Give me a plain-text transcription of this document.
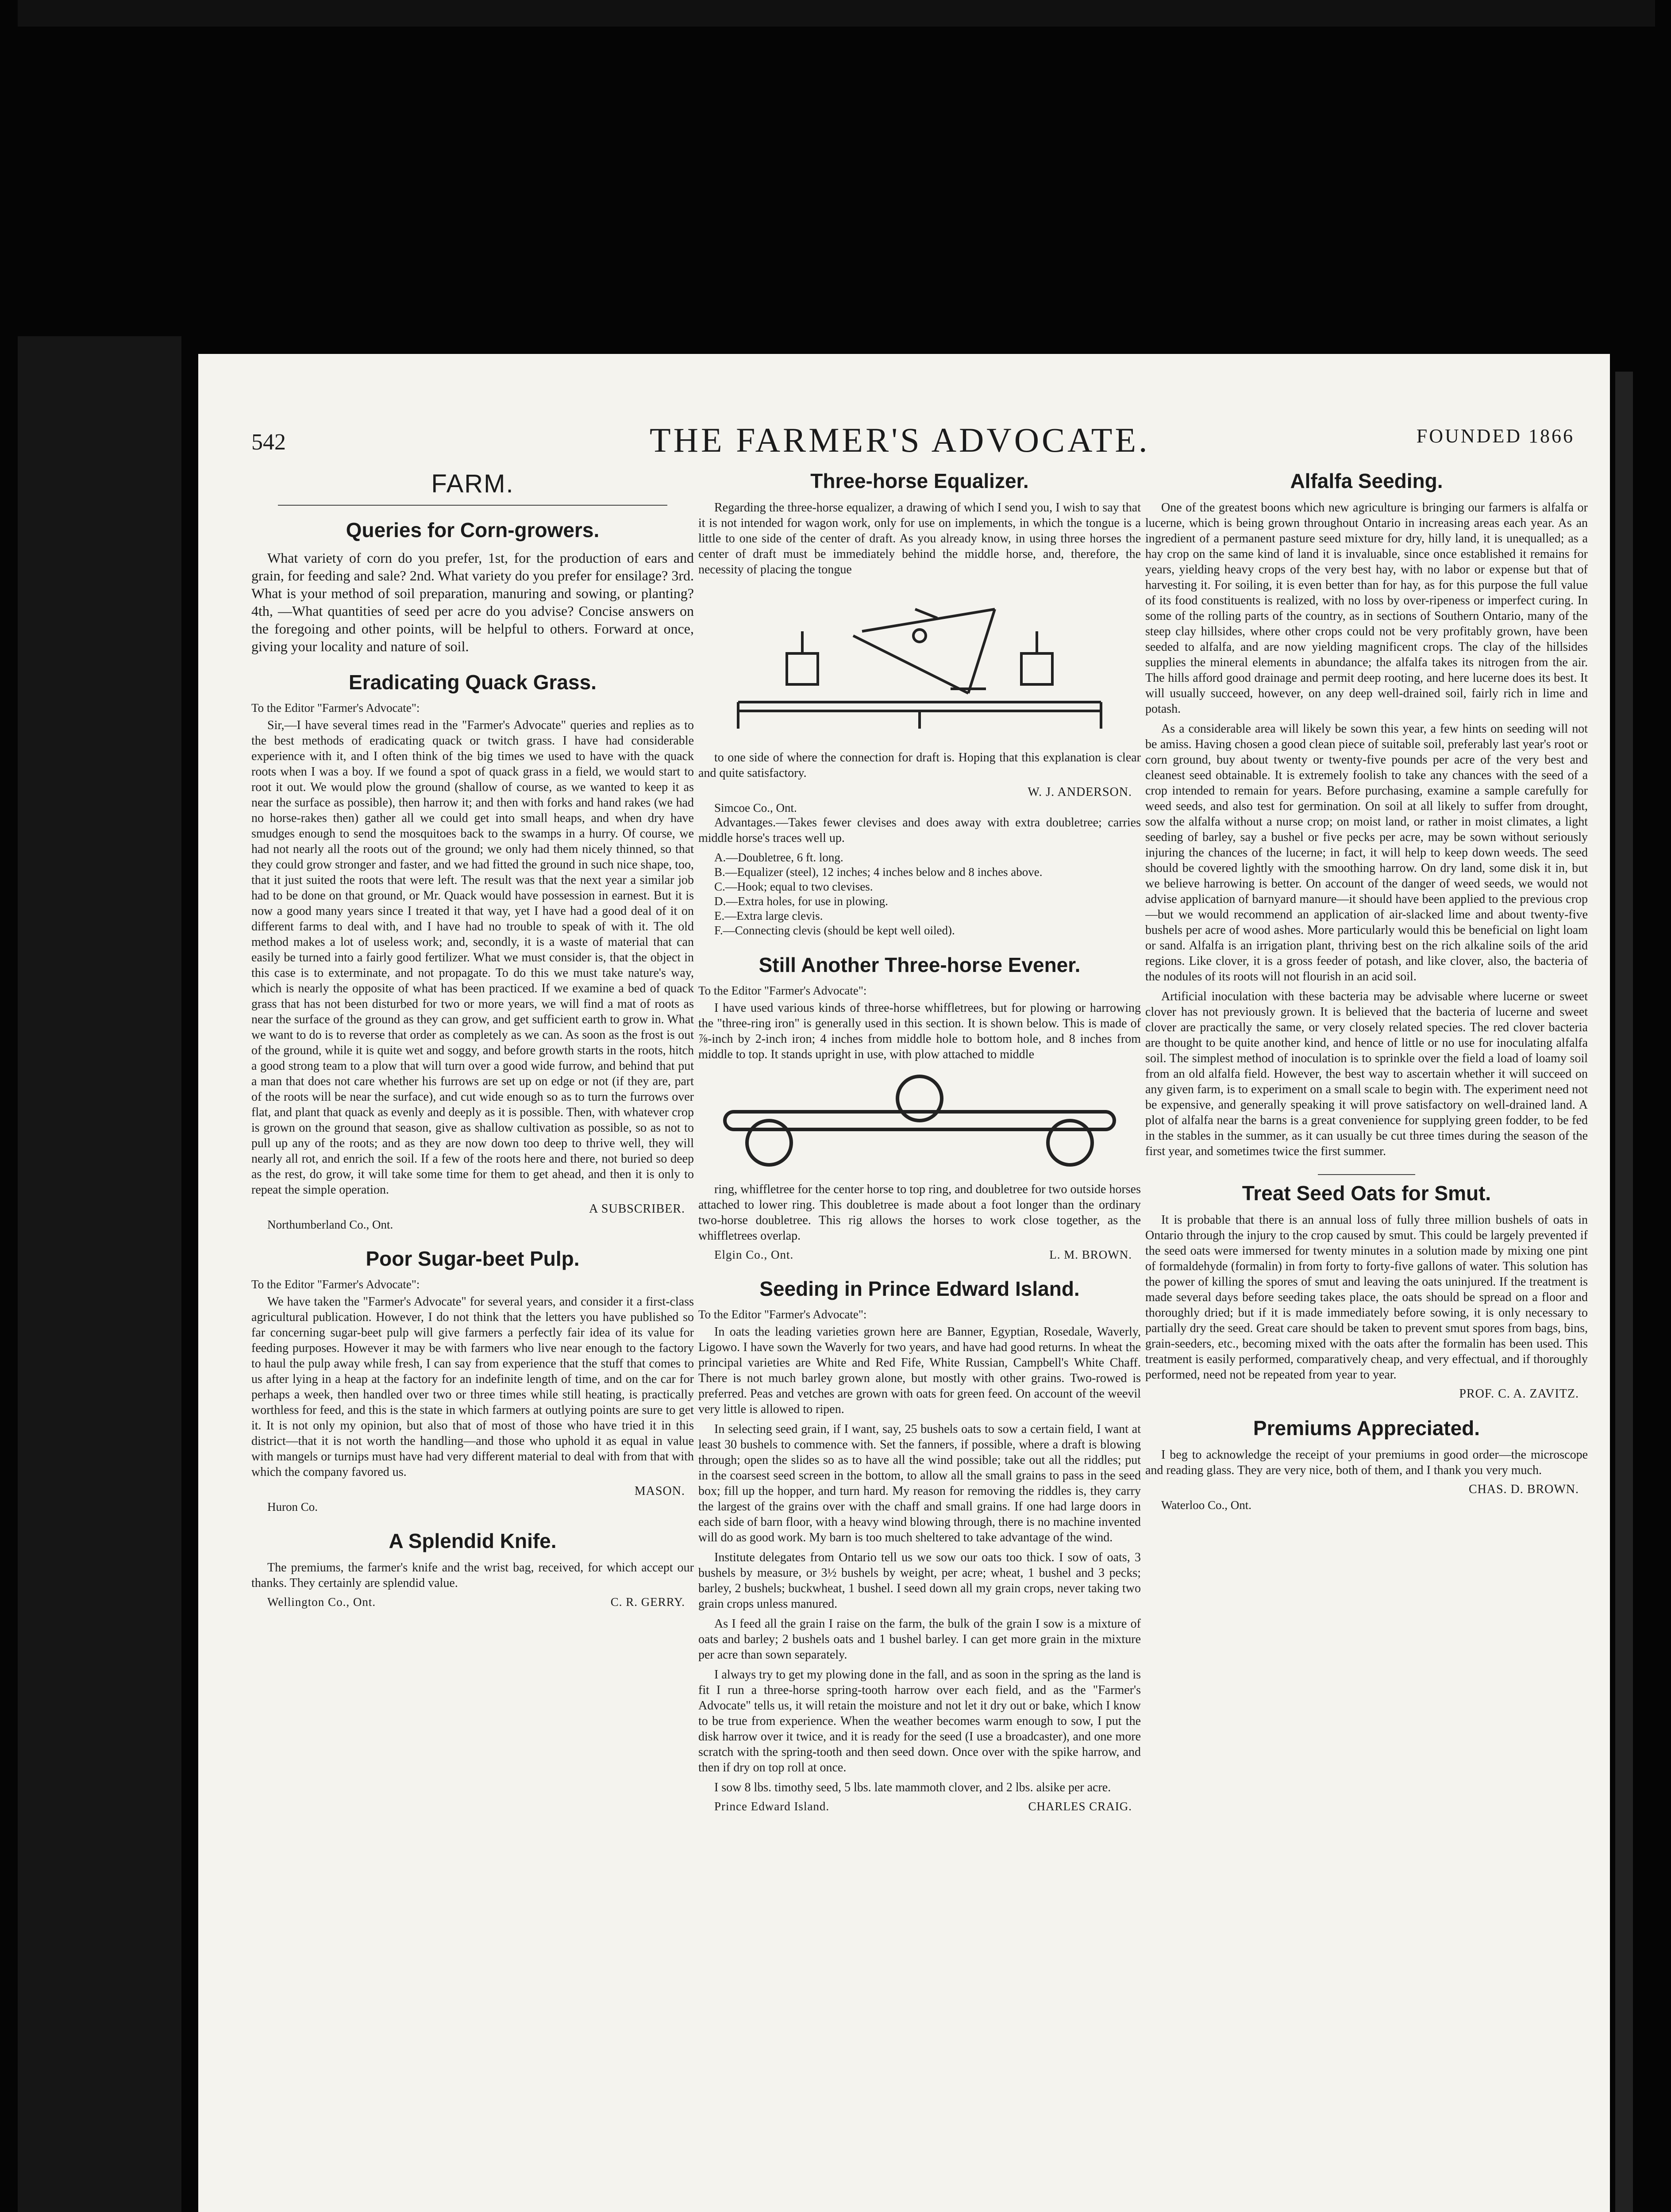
542	THE FARMER'S ADVOCATE.	FOUNDED 1866
FARM.
Queries for Corn-growers.

What variety of corn do you prefer, 1st, for the production of ears and grain, for feeding and sale? 2nd. What variety do you prefer for ensilage? 3rd. What is your method of soil preparation, manuring and sowing, or planting? 4th, —What quantities of seed per acre do you advise? Concise answers on the foregoing and other points, will be helpful to others. Forward at once, giving your locality and nature of soil.

Eradicating Quack Grass.
To the Editor "Farmer's Advocate":

Sir,—I have several times read in the "Farmer's Advocate" queries and replies as to the best methods of eradicating quack or twitch grass. I have had considerable experience with it, and I often think of the big times we used to have with the quack roots when I was a boy. If we found a spot of quack grass in a field, we would start to root it out. We would plow the ground (shallow of course, as we wanted to keep it as near the surface as possible), then harrow it; and then with forks and hand rakes (we had no horse-rakes then) gather all we could get into small heaps, and when dry have smudges enough to send the mosquitoes back to the swamps in a hurry. Of course, we had not nearly all the roots out of the ground; we only had them nicely thinned, so that they could grow stronger and faster, and we had fitted the ground in such nice shape, too, that it just suited the roots that were left. The result was that the next year a similar job had to be done on that ground, or Mr. Quack would have possession in earnest. But it is now a good many years since I treated it that way, yet I have had a good deal of it on different farms to deal with, and I have had no trouble to speak of with it. The old method makes a lot of useless work; and, secondly, it is a waste of material that can easily be turned into a fairly good fertilizer. What we must consider is, that the object in this case is to exterminate, and not propagate. To do this we must take nature's way, which is nearly the opposite of what has been practiced. If we examine a bed of quack grass that has not been disturbed for two or more years, we will find a mat of roots as near the surface of the ground as they can grow, and get sufficient earth to grow in. What we want to do is to reverse that order as completely as we can. As soon as the frost is out of the ground, while it is quite wet and soggy, and before growth starts in the roots, hitch a good strong team to a plow that will turn over a good wide furrow, and behind that put a man that does not care whether his furrows are set up on edge or not (if they are, part of the roots will be near the surface), and cut wide enough so as to turn the furrows over flat, and plant that quack as evenly and deeply as it is possible. Then, with whatever crop is grown on the ground that season, give as shallow cultivation as possible, so as not to pull up any of the roots; and as they are now down too deep to thrive well, they will nearly all rot, and enrich the soil. If a few of the roots here and there, not buried so deep as the rest, do grow, it will take some time for them to get ahead, and then it is only to repeat the simple operation.

A SUBSCRIBER.
Northumberland Co., Ont.
Poor Sugar-beet Pulp.
To the Editor "Farmer's Advocate":

We have taken the "Farmer's Advocate" for several years, and consider it a first-class agricultural publication. However, I do not think that the letters you have published so far concerning sugar-beet pulp will give farmers a perfectly fair idea of its value for feeding purposes. However it may be with farmers who live near enough to the factory to haul the pulp away while fresh, I can say from experience that the stuff that comes to us after lying in a heap at the factory for an indefinite length of time, and on the car for perhaps a week, then handled over two or three times while still heating, is practically worthless for feed, and this is the state in which farmers at outlying points are sure to get it. It is not only my opinion, but also that of most of those who have tried it in this district—that it is not worth the handling—and those who uphold it as equal in value with mangels or turnips must have had very different material to deal with from that with which the company favored us.

MASON.
Huron Co.
A Splendid Knife.

The premiums, the farmer's knife and the wrist bag, received, for which accept our thanks. They certainly are splendid value.

Wellington Co., Ont.	C. R. GERRY.
Three-horse Equalizer.

Regarding the three-horse equalizer, a drawing of which I send you, I wish to say that it is not intended for wagon work, only for use on implements, in which the tongue is a little to one side of the center of draft. As you already know, in using three horses the center of draft must be immediately behind the middle horse, and, therefore, the necessity of placing the tongue

to one side of where the connection for draft is. Hoping that this explanation is clear and quite satisfactory.

W. J. ANDERSON.
Simcoe Co., Ont.

Advantages.—Takes fewer clevises and does away with extra doubletree; carries middle horse's traces well up.

A.—Doubletree, 6 ft. long.
B.—Equalizer (steel), 12 inches; 4 inches below and 8 inches above.
C.—Hook; equal to two clevises.
D.—Extra holes, for use in plowing.
E.—Extra large clevis.
F.—Connecting clevis (should be kept well oiled).
Still Another Three-horse Evener.
To the Editor "Farmer's Advocate":

I have used various kinds of three-horse whiffletrees, but for plowing or harrowing the "three-ring iron" is generally used in this section. It is shown below. This is made of ⅞-inch by 2-inch iron; 4 inches from middle hole to bottom hole, and 8 inches from middle to top. It stands upright in use, with plow attached to middle

ring, whiffletree for the center horse to top ring, and doubletree for two outside horses attached to lower ring. This doubletree is made about a foot longer than the ordinary two-horse doubletree. This rig allows the horses to work close together, as the whiffletrees overlap.

Elgin Co., Ont.	L. M. BROWN.
Seeding in Prince Edward Island.
To the Editor "Farmer's Advocate":

In oats the leading varieties grown here are Banner, Egyptian, Rosedale, Waverly, Ligowo. I have sown the Waverly for two years, and have had good returns. In wheat the principal varieties are White and Red Fife, White Russian, Campbell's White Chaff. There is not much barley grown alone, but mostly with other grains. Two-rowed is preferred. Peas and vetches are grown with oats for green feed. On account of the weevil very little is allowed to ripen.

In selecting seed grain, if I want, say, 25 bushels oats to sow a certain field, I want at least 30 bushels to commence with. Set the fanners, if possible, where a draft is blowing through; open the slides so as to have all the wind possible; take out all the riddles; put in the coarsest seed screen in the bottom, to allow all the small grains to pass in the seed box; fill up the hopper, and turn hard. My reason for removing the riddles is, they carry the largest of the grains over with the chaff and small grains. If one had large doors in each side of barn floor, with a heavy wind blowing through, there is no machine invented will do as good work. My barn is too much sheltered to take advantage of the wind.

Institute delegates from Ontario tell us we sow our oats too thick. I sow of oats, 3 bushels by measure, or 3½ bushels by weight, per acre; wheat, 1 bushel and 3 pecks; barley, 2 bushels; buckwheat, 1 bushel. I seed down all my grain crops, never taking two grain crops unless manured.

As I feed all the grain I raise on the farm, the bulk of the grain I sow is a mixture of oats and barley; 2 bushels oats and 1 bushel barley. I can get more grain in the mixture per acre than sown separately.

I always try to get my plowing done in the fall, and as soon in the spring as the land is fit I run a three-horse spring-tooth harrow over each field, and as the "Farmer's Advocate" tells us, it will retain the moisture and not let it dry out or bake, which I know to be true from experience. When the weather becomes warm enough to sow, I put the disk harrow over it twice, and it is ready for the seed (I use a broadcaster), and one more scratch with the spring-tooth and then seed down. Once over with the spike harrow, and then if dry on top roll at once.

I sow 8 lbs. timothy seed, 5 lbs. late mammoth clover, and 2 lbs. alsike per acre.

Prince Edward Island.	CHARLES CRAIG.
Alfalfa Seeding.

One of the greatest boons which new agriculture is bringing our farmers is alfalfa or lucerne, which is being grown throughout Ontario in increasing areas each year. As an ingredient of a permanent pasture seed mixture for dry, hilly land, it is unequalled; as a hay crop on the same kind of land it is invaluable, since once established it remains for years, yielding heavy crops of the very best hay, with no labor or expense but that of harvesting it. For soiling, it is even better than for hay, as for this purpose the full value of its food constituents is realized, with no loss by over-ripeness or imperfect curing. In some of the rolling parts of the country, as in sections of Southern Ontario, many of the steep clay hillsides, where other crops could not be very profitably grown, have been seeded to alfalfa, and are now yielding magnificent crops. The clay of the hillsides supplies the mineral elements in abundance; the alfalfa takes its nitrogen from the air. The hills afford good drainage and permit deep rooting, and here lucerne does its best. It will usually succeed, however, on any deep well-drained soil, fairly rich in lime and potash.

As a considerable area will likely be sown this year, a few hints on seeding will not be amiss. Having chosen a good clean piece of suitable soil, preferably last year's root or corn ground, buy about twenty or twenty-five pounds per acre of the very best and cleanest seed obtainable. It is extremely foolish to take any chances with the seed of a crop intended to remain for years. Before purchasing, examine a sample carefully for weed seeds, and also test for germination. On soil at all likely to suffer from drought, sow the alfalfa without a nurse crop; on moist land, or rather in moist climates, a light seeding of barley, say a bushel or five pecks per acre, may be sown without seriously injuring the chances of the lucerne; in fact, it will help to keep down weeds. The seed should be covered lightly with the smoothing harrow. On dry land, some disk it in, but we believe harrowing is better. On account of the danger of weed seeds, we would not advise application of barnyard manure—it should have been applied to the previous crop—but we would recommend an application of air-slacked lime and about twenty-five bushels per acre of wood ashes. More particularly would this be beneficial on light loam or sand. Alfalfa is an irrigation plant, thriving best on the rich alkaline soils of the arid regions. Like clover, it is a gross feeder of potash, and like clover, also, the bacteria of the nodules of its roots will not flourish in an acid soil.

Artificial inoculation with these bacteria may be advisable where lucerne or sweet clover has not previously grown. It is believed that the bacteria of lucerne and sweet clover are practically the same, or very closely related species. The red clover bacteria are thought to be quite another kind, and hence of little or no use for inoculating alfalfa soil. The simplest method of inoculation is to sprinkle over the field a load of loamy soil from an old alfalfa field. However, the best way to ascertain whether it will succeed on any given farm, is to experiment on a small scale to begin with. The experiment need not be expensive, and generally speaking it will prove satisfactory on well-drained land. A plot of alfalfa near the barns is a great convenience for supplying green fodder, to be fed in the stables in the summer, as it can usually be cut three times during the season of the first year, and sometimes twice the first summer.

Treat Seed Oats for Smut.

It is probable that there is an annual loss of fully three million bushels of oats in Ontario through the injury to the crop caused by smut. This could be largely prevented if the seed oats were immersed for twenty minutes in a solution made by mixing one pint of formaldehyde (formalin) in from forty to forty-five gallons of water. This solution has the power of killing the spores of smut and leaving the oats uninjured. If the treatment is made several days before seeding takes place, the oats should be spread on a floor and thoroughly dried; but if it is made immediately before sowing, it is only necessary to partially dry the seed. Great care should be taken to prevent smut spores from bags, bins, grain-seeders, etc., becoming mixed with the oats after the formalin has been used. This treatment is easily performed, comparatively cheap, and very effectual, and if thoroughly performed, need not be repeated from year to year.

PROF. C. A. ZAVITZ.
Premiums Appreciated.

I beg to acknowledge the receipt of your premiums in good order—the microscope and reading glass. They are very nice, both of them, and I thank you very much.

CHAS. D. BROWN.
Waterloo Co., Ont.
